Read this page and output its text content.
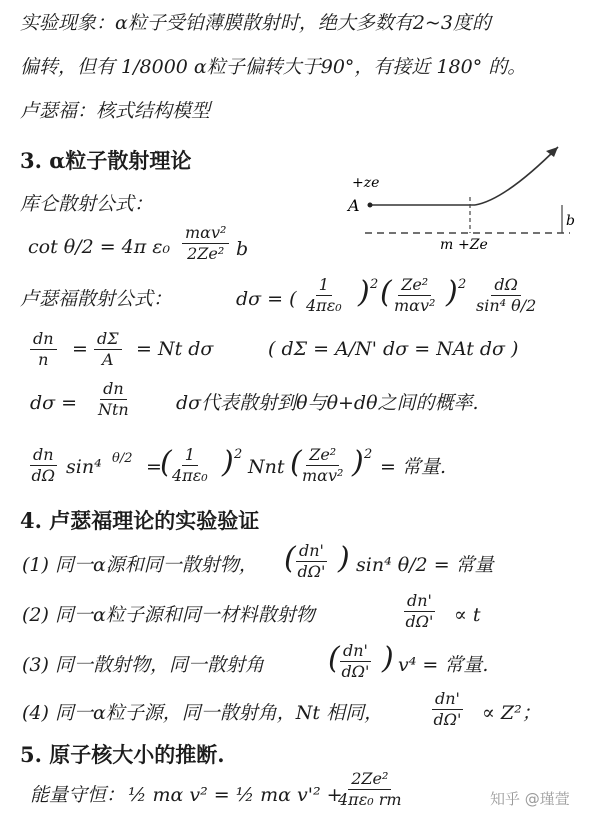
实验现象：α粒子受铂薄膜散射时，绝大多数有2~3度的
偏转，但有 1/8000 α粒子偏转大于90°，有接近 180° 的。
卢瑟福：核式结构模型
3. α粒子散射理论
+ze
A
b
m +Ze
库仑散射公式：
cot θ/2 = 4π ε₀
mαv²
2Ze² b
卢瑟福散射公式：	dσ = ( $\frac{1}{\text{4πε₀}}$ ) 2 ( Ze²
mαv² ) $2 \frac{d\Omega}{\text{sin⁴ θ/2}}$
$\frac{dn}{n} = \frac{d\Sigma}{A} = Nt$ dσ	( dΣ = A/N' dσ = NAt dσ )
dσ =
dn
Ntn dσ代表散射到θ与θ+dθ之间的概率.
$\frac{dn}{d\Omega} \sin^4$ θ/2 =
( $\frac{1}{\text{4πε₀}}$ ) 2
Nnt ( Ze²
mαv² ) 2
= 常量.
4. 卢瑟福理论的实验验证
(1) 同一α源和同一散射物， ( $\frac{dn'}{d\Omega'}$ ) sin⁴ θ/2 = 常量
(2) 同一α粒子源和同一材料散射物	$\frac{dn'}{d\Omega'} \propto t$
(3) 同一散射物，同一散射角 ( $\frac{dn'}{d\Omega'}$ ) v⁴ = 常量.
(4) 同一α粒子源，同一散射角，Nt 相同，	$\frac{dn'}{d\Omega'} \propto Z^2$；
5. 原子核大小的推断.
能量守恒： ½ mα v² = ½ mα v'² +
$\frac{\text{2Ze²}}{\text{4πε₀ rm}}$	知乎 @瑾萱
